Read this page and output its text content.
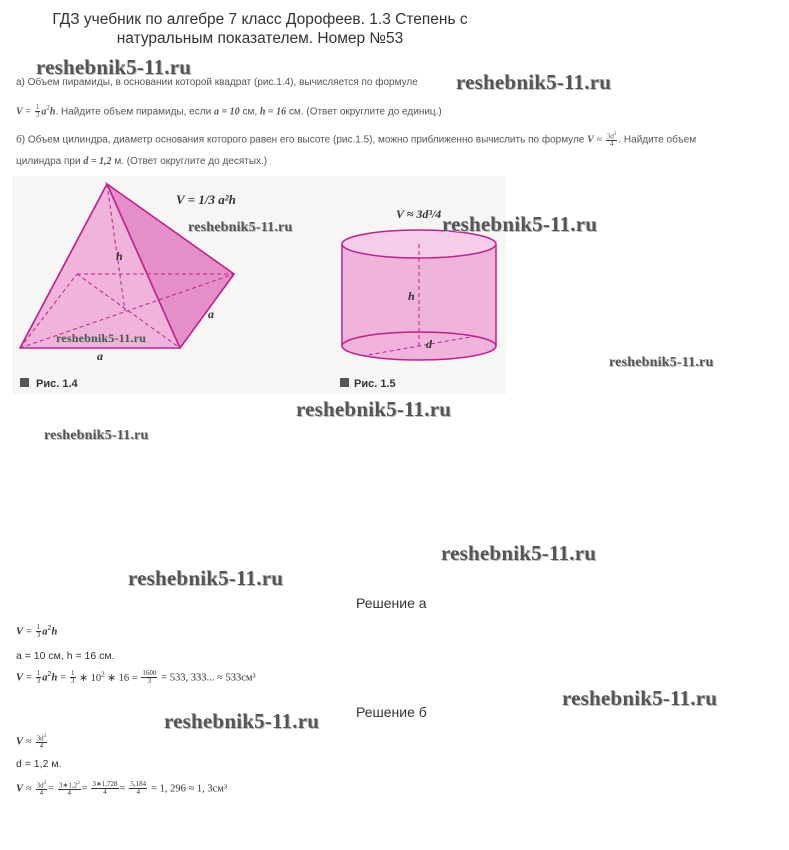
ГДЗ учебник по алгебре 7 класс Дорофеев. 1.3 Степень с
натуральным показателем. Номер №53
reshebnik5-11.ru
reshebnik5-11.ru
а) Объем пирамиды, в основании которой квадрат (рис.1.4), вычисляется по формуле
$V = \frac{1}{3} a^2h$. Найдите объем пирамиды, если a = 10 см, h = 16 см. (Ответ округлите до единиц.)
б) Объем цилиндра, диаметр основания которого равен его высоте (рис.1.5), можно приближенно вычислить по формуле $V \approx \frac{3d^3}{4}$ . Найдите объем
цилиндра при d = 1,2 м. (Ответ округлите до десятых.)
h
a
a
V = 1/3 a²h
h
d
V ≈ 3d³/4
Рис. 1.4	Рис. 1.5
reshebnik5-11.ru	reshebnik5-11.ru
reshebnik5-11.ru
reshebnik5-11.ru
reshebnik5-11.ru
reshebnik5-11.ru
reshebnik5-11.ru
reshebnik5-11.ru
Решение а
$V = \frac{1}{3} a^2h$
a = 10 см, h = 16 см.
$V = \frac{1}{3} a^2h = \frac{1}{3}$ ∗ $10^2$ ∗ $16 = \frac{1600}{3} = 533$, 333... ≈ 533см³
reshebnik5-11.ru
reshebnik5-11.ru	Решение б
$V \approx \frac{3d^3}{4}$
d = 1,2 м.
$V \approx \frac{3d^3}{4} = \frac{3∗1,2^3}{4} = \frac{3∗1,728}{4} = \frac{5,184}{4} = 1$, 296 ≈ 1, 3см³
